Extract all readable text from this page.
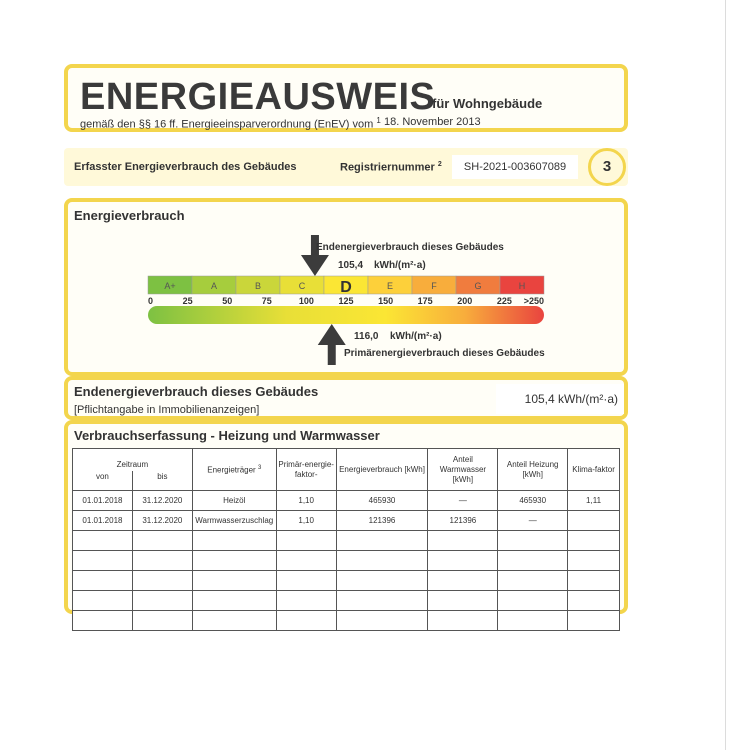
ENERGIEAUSWEIS
für Wohngebäude
gemäß den §§ 16 ff. Energieeinsparverordnung (EnEV) vom $^1$ 18. November 2013
Erfasster Energieverbrauch des Gebäudes	Registriernummer $^2$	SH-2021-003607089	3
Energieverbrauch
A+	A	B	C D	E	F	G	H
0	25	50	75	100	125	150	175	200	225 >250
Endenergieverbrauch dieses Gebäudes
105,4 kWh/(m²·a)
116,0 kWh/(m²·a)
Primärenergieverbrauch dieses Gebäudes
Endenergieverbrauch dieses Gebäudes
[Pflichtangabe in Immobilienanzeigen]
105,4 kWh/(m²·a)
Verbrauchserfassung - Heizung und Warmwasser
Zeitraum		Energieträger $^3$	Primär-energie-faktor-	Energieverbrauch [kWh]	Anteil Warmwasser [kWh]	Anteil Heizung [kWh]	Klima-faktor
von	bis						
01.01.2018	31.12.2020	Heizöl	1,10	465930	—	465930	1,11
01.01.2018	31.12.2020	Warmwasserzuschlag	1,10	121396	121396	—	
